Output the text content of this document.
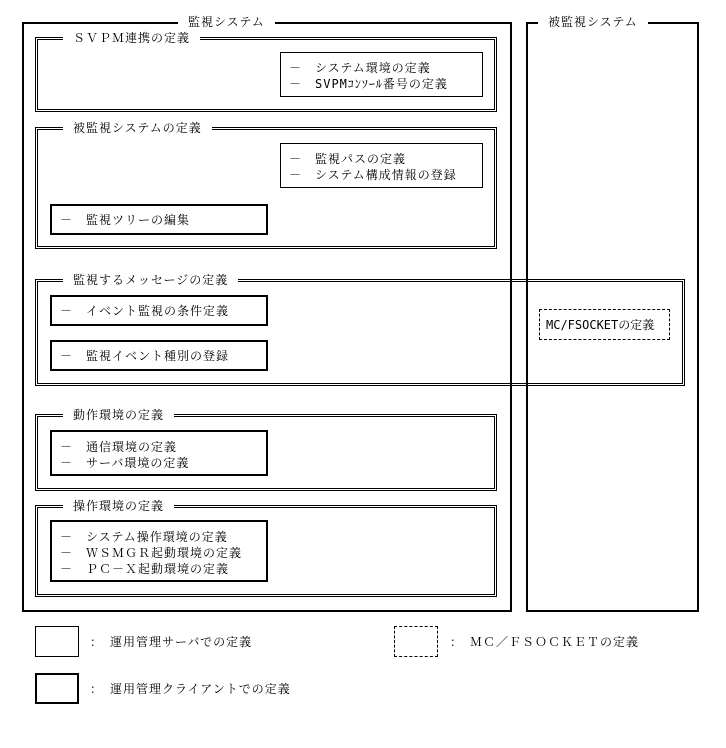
監視システム	被監視システム
ＳＶＰＭ連携の定義
－　システム環境の定義
－　SVPMｺﾝｿｰﾙ番号の定義
被監視システムの定義
－　監視パスの定義
－　システム構成情報の登録
－　監視ツリーの編集
監視するメッセージの定義
－　イベント監視の条件定義
－　監視イベント種別の登録
MC/FSOCKETの定義
動作環境の定義
－　通信環境の定義
－　サーバ環境の定義
操作環境の定義
－　システム操作環境の定義
－　ＷＳＭＧＲ起動環境の定義
－　ＰＣ－Ｘ起動環境の定義
：　運用管理サーバでの定義	：　ＭＣ／ＦＳＯＣＫＥＴの定義
：　運用管理クライアントでの定義
